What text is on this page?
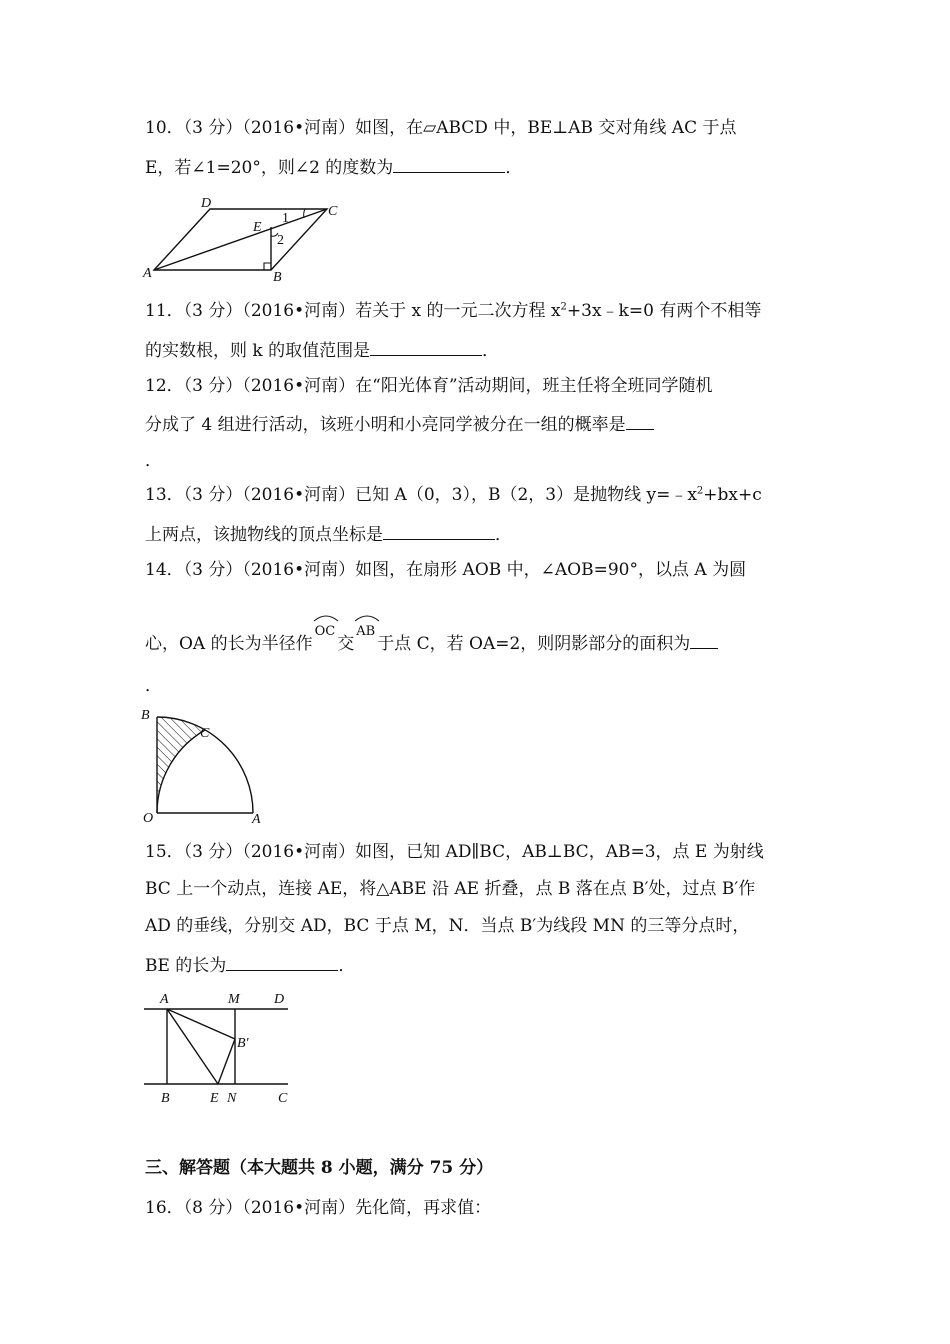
10．（3 分）（2016•河南）如图，在▱ABCD 中，BE⊥AB 交对角线 AC 于点
E，若∠1=20°，则∠2 的度数为	．
D
C
E
1
2
A	B
11．（3 分）（2016•河南）若关于 x 的一元二次方程 $x^2+3x﹣k=0$ 有两个不相等
的实数根，则 k 的取值范围是	．
12．（3 分）（2016•河南）在“阳光体育”活动期间，班主任将全班同学随机
分成了 4 组进行活动，该班小明和小亮同学被分在一组的概率是
．
13．（3 分）（2016•河南）已知 A（0，3），B（2，3）是抛物线 $y=﹣x^2+bx+c$
上两点，该抛物线的顶点坐标是	．
14．（3 分）（2016•河南）如图，在扇形 AOB 中，∠AOB=90°，以点 A 为圆
心，OA 的长为半径作
OC交
AB于点 C，若 OA=2，则阴影部分的面积为
．
B
C
O	A
15．（3 分）（2016•河南）如图，已知 AD∥BC，AB⊥BC，AB=3，点 E 为射线
BC 上一个动点，连接 AE，将△ABE 沿 AE 折叠，点 B 落在点 B′处，过点 B′作
AD 的垂线，分别交 AD，BC 于点 M，N．当点 B′为线段 MN 的三等分点时，
BE 的长为	．
A	M D
B′
B	E N	C
三、解答题（本大题共 8 小题，满分 75 分）
16．（8 分）（2016•河南）先化简，再求值：
